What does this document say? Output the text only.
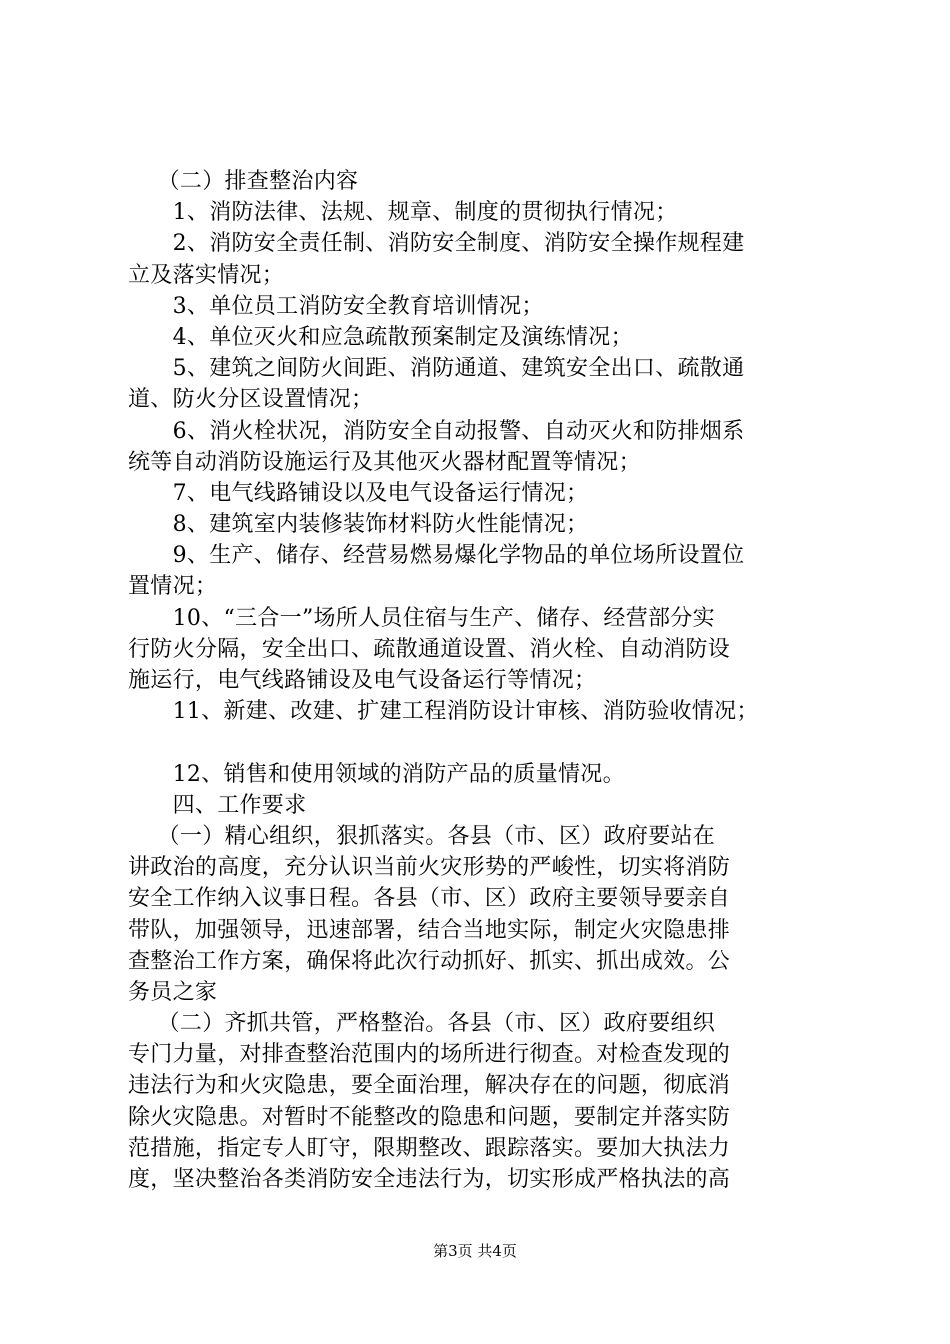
　 （二）排查整治内容
　　1、消防法律、法规、规章、制度的贯彻执行情况；
　　2、消防安全责任制、消防安全制度、消防安全操作规程建
立及落实情况；
　　3、单位员工消防安全教育培训情况；
　　4、单位灭火和应急疏散预案制定及演练情况；
　　5、建筑之间防火间距、消防通道、建筑安全出口、疏散通
道、防火分区设置情况；
　　6、消火栓状况，消防安全自动报警、自动灭火和防排烟系
统等自动消防设施运行及其他灭火器材配置等情况；
　　7、电气线路铺设以及电气设备运行情况；
　　8、建筑室内装修装饰材料防火性能情况；
　　9、生产、储存、经营易燃易爆化学物品的单位场所设置位
置情况；
　　10、“三合一”场所人员住宿与生产、储存、经营部分实
行防火分隔，安全出口、疏散通道设置、消火栓、自动消防设
施运行，电气线路铺设及电气设备运行等情况；
　　11、新建、改建、扩建工程消防设计审核、消防验收情况；
　　12、销售和使用领域的消防产品的质量情况。
　　四、工作要求
　 （一）精心组织，狠抓落实。各县（市、区）政府要站在
讲政治的高度，充分认识当前火灾形势的严峻性，切实将消防
安全工作纳入议事日程。各县（市、区）政府主要领导要亲自
带队，加强领导，迅速部署，结合当地实际，制定火灾隐患排
查整治工作方案，确保将此次行动抓好、抓实、抓出成效。公
务员之家
　 （二）齐抓共管，严格整治。各县（市、区）政府要组织
专门力量，对排查整治范围内的场所进行彻查。对检查发现的
违法行为和火灾隐患，要全面治理，解决存在的问题，彻底消
除火灾隐患。对暂时不能整改的隐患和问题，要制定并落实防
范措施，指定专人盯守，限期整改、跟踪落实。要加大执法力
度，坚决整治各类消防安全违法行为，切实形成严格执法的高
第3页 共4页
